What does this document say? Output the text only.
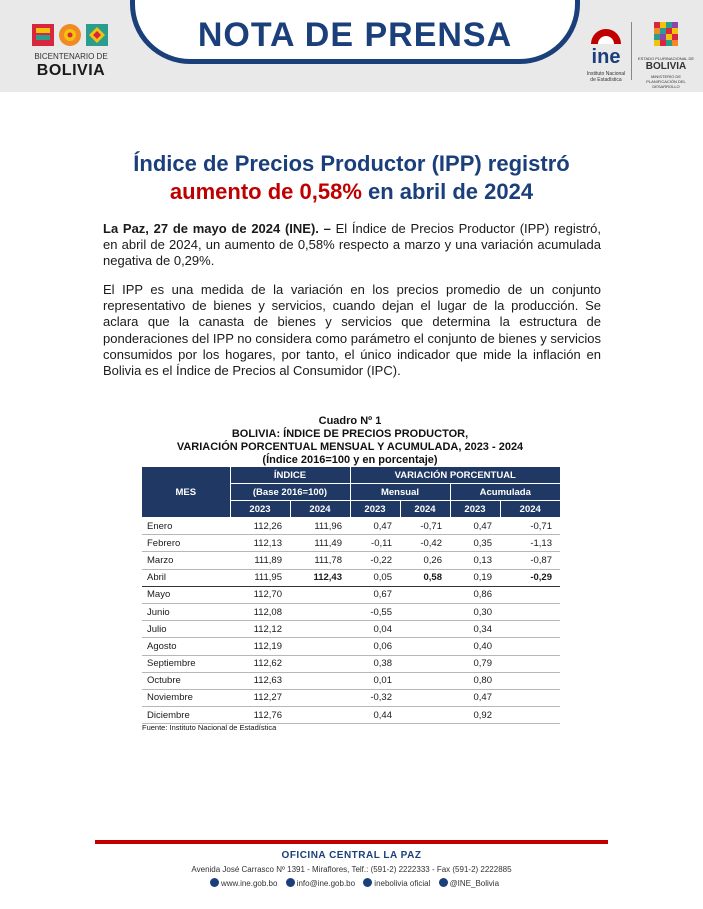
BICENTENARIO DE
BOLIVIA
NOTA DE PRENSA
ine
Instituto Nacional de Estadística
ESTADO PLURINACIONAL DE
BOLIVIA
MINISTERIO DE PLANIFICACIÓN DEL DESARROLLO
Índice de Precios Productor (IPP) registró
aumento de 0,58% en abril de 2024
La Paz, 27 de mayo de 2024 (INE). – El Índice de Precios Productor (IPP) registró, en abril de 2024, un aumento de 0,58% respecto a marzo y una variación acumulada negativa de 0,29%.
El IPP es una medida de la variación en los precios promedio de un conjunto representativo de bienes y servicios, cuando dejan el lugar de la producción. Se aclara que la canasta de bienes y servicios que determina la estructura de ponderaciones del IPP no considera como parámetro el conjunto de bienes y servicios consumidos por los hogares, por tanto, el único indicador que mide la inflación en Bolivia es el Índice de Precios al Consumidor (IPC).
Cuadro Nº 1
BOLIVIA: ÍNDICE DE PRECIOS PRODUCTOR,
VARIACIÓN PORCENTUAL MENSUAL Y ACUMULADA, 2023 - 2024
(Índice 2016=100 y en porcentaje)
MES	ÍNDICE		VARIACIÓN PORCENTUAL			
	(Base 2016=100)		Mensual		Acumulada	
	2023	2024	2023	2024	2023	2024
Enero	112,26	111,96	0,47	-0,71	0,47	-0,71
Febrero	112,13	111,49	-0,11	-0,42	0,35	-1,13
Marzo	111,89	111,78	-0,22	0,26	0,13	-0,87
Abril	111,95	112,43	0,05	0,58	0,19	-0,29
Mayo	112,70		0,67		0,86	
Junio	112,08		-0,55		0,30	
Julio	112,12		0,04		0,34	
Agosto	112,19		0,06		0,40	
Septiembre	112,62		0,38		0,79	
Octubre	112,63		0,01		0,80	
Noviembre	112,27		-0,32		0,47	
Diciembre	112,76		0,44		0,92	
Fuente: Instituto Nacional de Estadística
OFICINA CENTRAL LA PAZ
Avenida José Carrasco Nº 1391 - Miraflores, Telf.: (591-2) 2222333 - Fax (591-2) 2222885
www.ine.gob.bo info@ine.gob.bo inebolivia oficial @INE_Bolivia
